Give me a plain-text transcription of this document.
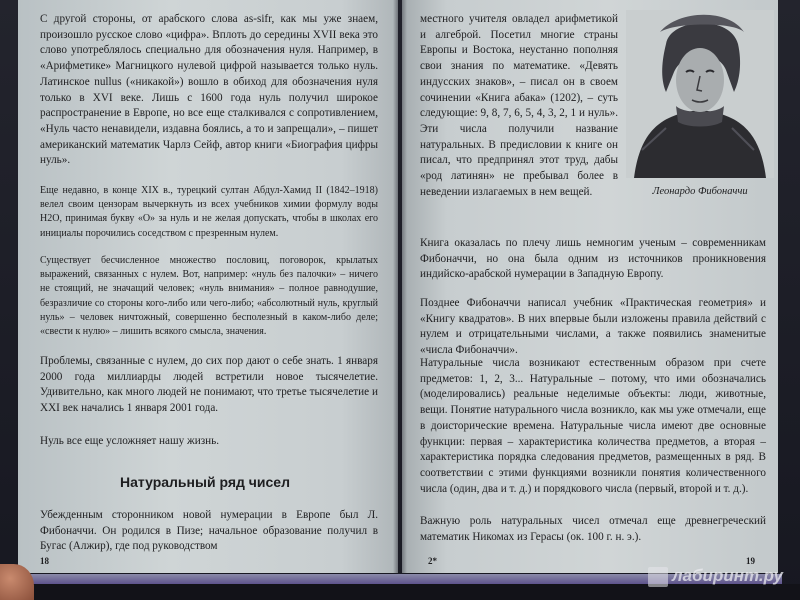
С другой стороны, от арабского слова as-sifr, как мы уже знаем, произошло русское слово «цифра». Вплоть до середины XVII века это слово употреблялось специально для обозначения нуля. Например, в «Арифметике» Магницкого нулевой цифрой называется только нуль. Латинское nullus («никакой») вошло в обиход для обозначения нуля только в XVI веке. Лишь с 1600 года нуль получил широкое распространение в Европе, но все еще сталкивался с сопротивлением, «Нуль часто ненавидели, издавна боялись, а то и запрещали», – пишет американский математик Чарлз Сейф, автор книги «Биография цифры нуль».

Еще недавно, в конце XIX в., турецкий султан Абдул-Хамид II (1842–1918) велел своим цензорам вычеркнуть из всех учебников химии формулу воды H2O, принимая букву «О» за нуль и не желая допускать, чтобы в школах его инициалы порочились соседством с презренным нулем.

Существует бесчисленное множество пословиц, поговорок, крылатых выражений, связанных с нулем. Вот, например: «нуль без палочки» – ничего не стоящий, не значащий человек; «нуль внимания» – полное равнодушие, безразличие со стороны кого-либо или чего-либо; «абсолютный нуль, круглый нуль» – человек ничтожный, совершенно бесполезный в каком-либо деле; «свести к нулю» – лишить всякого смысла, значения.

Проблемы, связанные с нулем, до сих пор дают о себе знать. 1 января 2000 года миллиарды людей встретили новое тысячелетие. Удивительно, как много людей не понимают, что третье тысячелетие и XXI век начались 1 января 2001 года.

Нуль все еще усложняет нашу жизнь.

Натуральный ряд чисел

Убежденным сторонником новой нумерации в Европе был Л. Фибоначчи. Он родился в Пизе; начальное образование получил в Бугас (Алжир), где под руководством

18

местного учителя овладел арифметикой и алгеброй. Посетил многие страны Европы и Востока, неустанно пополняя свои знания по математике. «Девять индусских знаков», – писал он в своем сочинении «Книга абака» (1202), – суть следующие: 9, 8, 7, 6, 5, 4, 3, 2, 1 и нуль». Эти числа получили название натуральных. В предисловии к книге он писал, что предпринял этот труд, дабы «род латинян» не пребывал более в неведении излагаемых в нем вещей.	Леонардо Фибоначчи

Книга оказалась по плечу лишь немногим ученым – современникам Фибоначчи, но она была одним из источников проникновения индийско-арабской нумерации в Западную Европу.

Позднее Фибоначчи написал учебник «Практическая геометрия» и «Книгу квадратов». В них впервые были изложены правила действий с нулем и отрицательными числами, а также появились знаменитые «числа Фибоначчи».

Натуральные числа возникают естественным образом при счете предметов: 1, 2, 3... Натуральные – потому, что ими обозначались (моделировались) реальные неделимые объекты: люди, животные, вещи. Понятие натурального числа возникло, как мы уже отмечали, еще в доисторические времена. Натуральные числа имеют две основные функции: первая – характеристика количества предметов, а вторая – характеристика порядка следования предметов, размещенных в ряд. В соответствии с этими функциями возникли понятия количественного числа (один, два и т. д.) и порядкового числа (первый, второй и т. д.).

Важную роль натуральных чисел отмечал еще древнегреческий математик Никомах из Герасы (ок. 100 г. н. э.).

2*	19

лабиринт.ру
